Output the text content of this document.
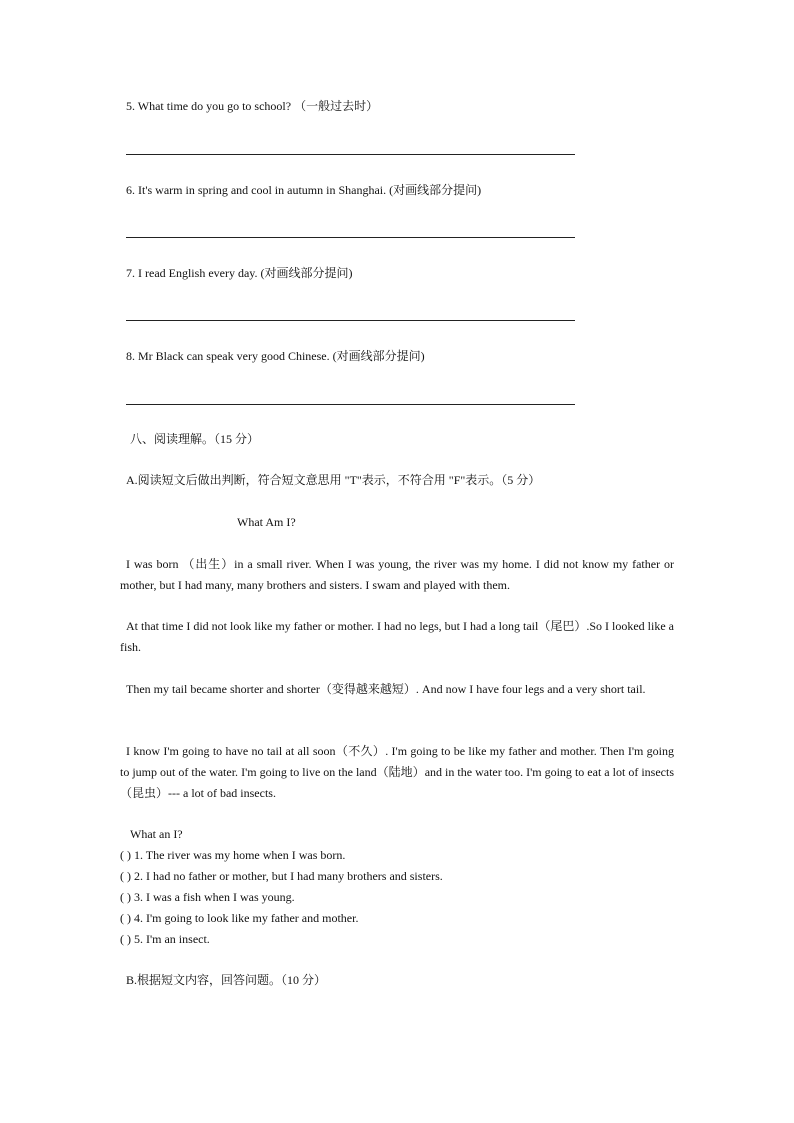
5. What time do you go to school? （一般过去时）
6. It's warm in spring and cool in autumn in Shanghai. (对画线部分提问)
7. I read English every day. (对画线部分提问)
8. Mr Black can speak very good Chinese. (对画线部分提问)
八、阅读理解。（15 分）
A.阅读短文后做出判断，符合短文意思用 "T"表示，不符合用 "F"表示。（5 分）
What Am I?
I was born （出生）in a small river. When I was young, the river was my home. I did not know my father or mother, but I had many, many brothers and sisters. I swam and played with them.
At that time I did not look like my father or mother. I had no legs, but I had a long tail（尾巴）.So I looked like a fish.
Then my tail became shorter and shorter（变得越来越短）. And now I have four legs and a very short tail.
I know I'm going to have no tail at all soon（不久）. I'm going to be like my father and mother. Then I'm going to jump out of the water. I'm going to live on the land（陆地）and in the water too. I'm going to eat a lot of insects（昆虫）--- a lot of bad insects.
What an I?
( ) 1. The river was my home when I was born.
( ) 2. I had no father or mother, but I had many brothers and sisters.
( ) 3. I was a fish when I was young.
( ) 4. I'm going to look like my father and mother.
( ) 5. I'm an insect.
B.根据短文内容，回答问题。（10 分）
